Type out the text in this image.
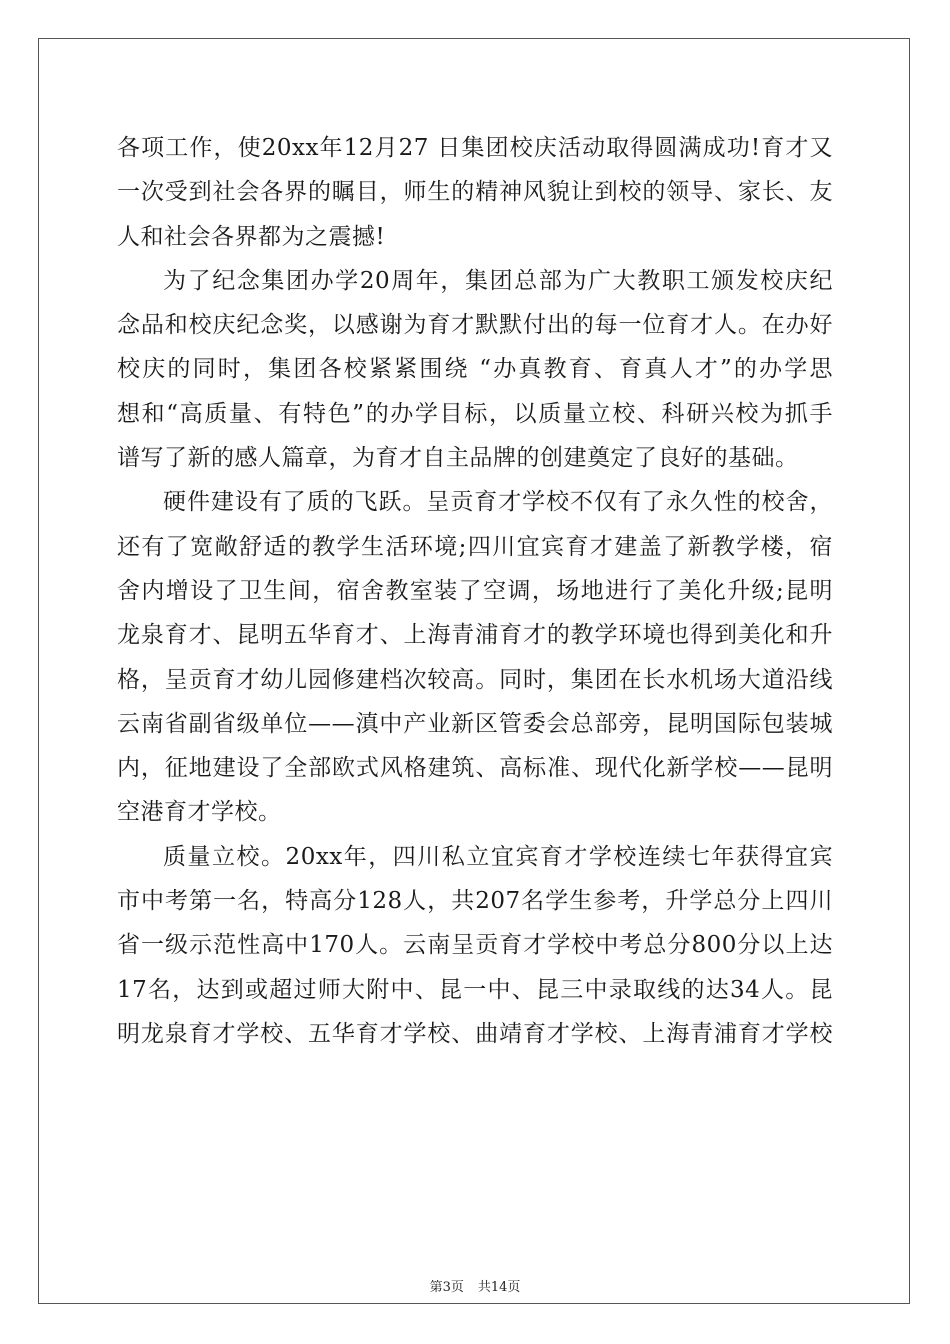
各项工作，使20xx年12月27 日集团校庆活动取得圆满成功!育才又
一次受到社会各界的瞩目，师生的精神风貌让到校的领导、家长、友
人和社会各界都为之震撼!
为了纪念集团办学20周年，集团总部为广大教职工颁发校庆纪
念品和校庆纪念奖，以感谢为育才默默付出的每一位育才人。在办好
校庆的同时，集团各校紧紧围绕 “办真教育、育真人才”的办学思
想和“高质量、有特色”的办学目标，以质量立校、科研兴校为抓手
谱写了新的感人篇章，为育才自主品牌的创建奠定了良好的基础。
硬件建设有了质的飞跃。呈贡育才学校不仅有了永久性的校舍，
还有了宽敞舒适的教学生活环境;四川宜宾育才建盖了新教学楼，宿
舍内增设了卫生间，宿舍教室装了空调，场地进行了美化升级;昆明
龙泉育才、昆明五华育才、上海青浦育才的教学环境也得到美化和升
格，呈贡育才幼儿园修建档次较高。同时，集团在长水机场大道沿线
云南省副省级单位——滇中产业新区管委会总部旁，昆明国际包装城
内，征地建设了全部欧式风格建筑、高标准、现代化新学校——昆明
空港育才学校。
质量立校。20xx年，四川私立宜宾育才学校连续七年获得宜宾
市中考第一名，特高分128人，共207名学生参考，升学总分上四川
省一级示范性高中170人。云南呈贡育才学校中考总分800分以上达
17名，达到或超过师大附中、昆一中、昆三中录取线的达34人。昆
明龙泉育才学校、五华育才学校、曲靖育才学校、上海青浦育才学校
第3页 共14页
